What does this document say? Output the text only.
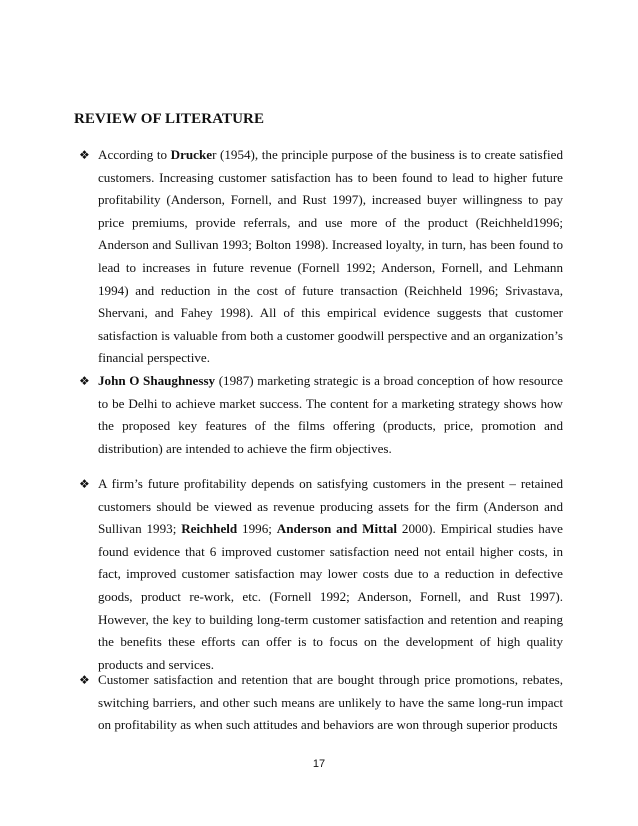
REVIEW OF LITERATURE
❖ According to Drucker (1954), the principle purpose of the business is to create satisfied customers. Increasing customer satisfaction has to been found to lead to higher future profitability (Anderson, Fornell, and Rust 1997), increased buyer willingness to pay price premiums, provide referrals, and use more of the product (Reichheld1996; Anderson and Sullivan 1993; Bolton 1998). Increased loyalty, in turn, has been found to lead to increases in future revenue (Fornell 1992; Anderson, Fornell, and Lehmann 1994) and reduction in the cost of future transaction (Reichheld 1996; Srivastava, Shervani, and Fahey 1998). All of this empirical evidence suggests that customer satisfaction is valuable from both a customer goodwill perspective and an organization’s financial perspective.
❖ John O Shaughnessy (1987) marketing strategic is a broad conception of how resource to be Delhi to achieve market success. The content for a marketing strategy shows how the proposed key features of the films offering (products, price, promotion and distribution) are intended to achieve the firm objectives.
❖ A firm’s future profitability depends on satisfying customers in the present – retained customers should be viewed as revenue producing assets for the firm (Anderson and Sullivan 1993; Reichheld 1996; Anderson and Mittal 2000). Empirical studies have found evidence that 6 improved customer satisfaction need not entail higher costs, in fact, improved customer satisfaction may lower costs due to a reduction in defective goods, product re-work, etc. (Fornell 1992; Anderson, Fornell, and Rust 1997). However, the key to building long-term customer satisfaction and retention and reaping the benefits these efforts can offer is to focus on the development of high quality products and services.
❖ Customer satisfaction and retention that are bought through price promotions, rebates, switching barriers, and other such means are unlikely to have the same long-run impact on profitability as when such attitudes and behaviors are won through superior products
17
